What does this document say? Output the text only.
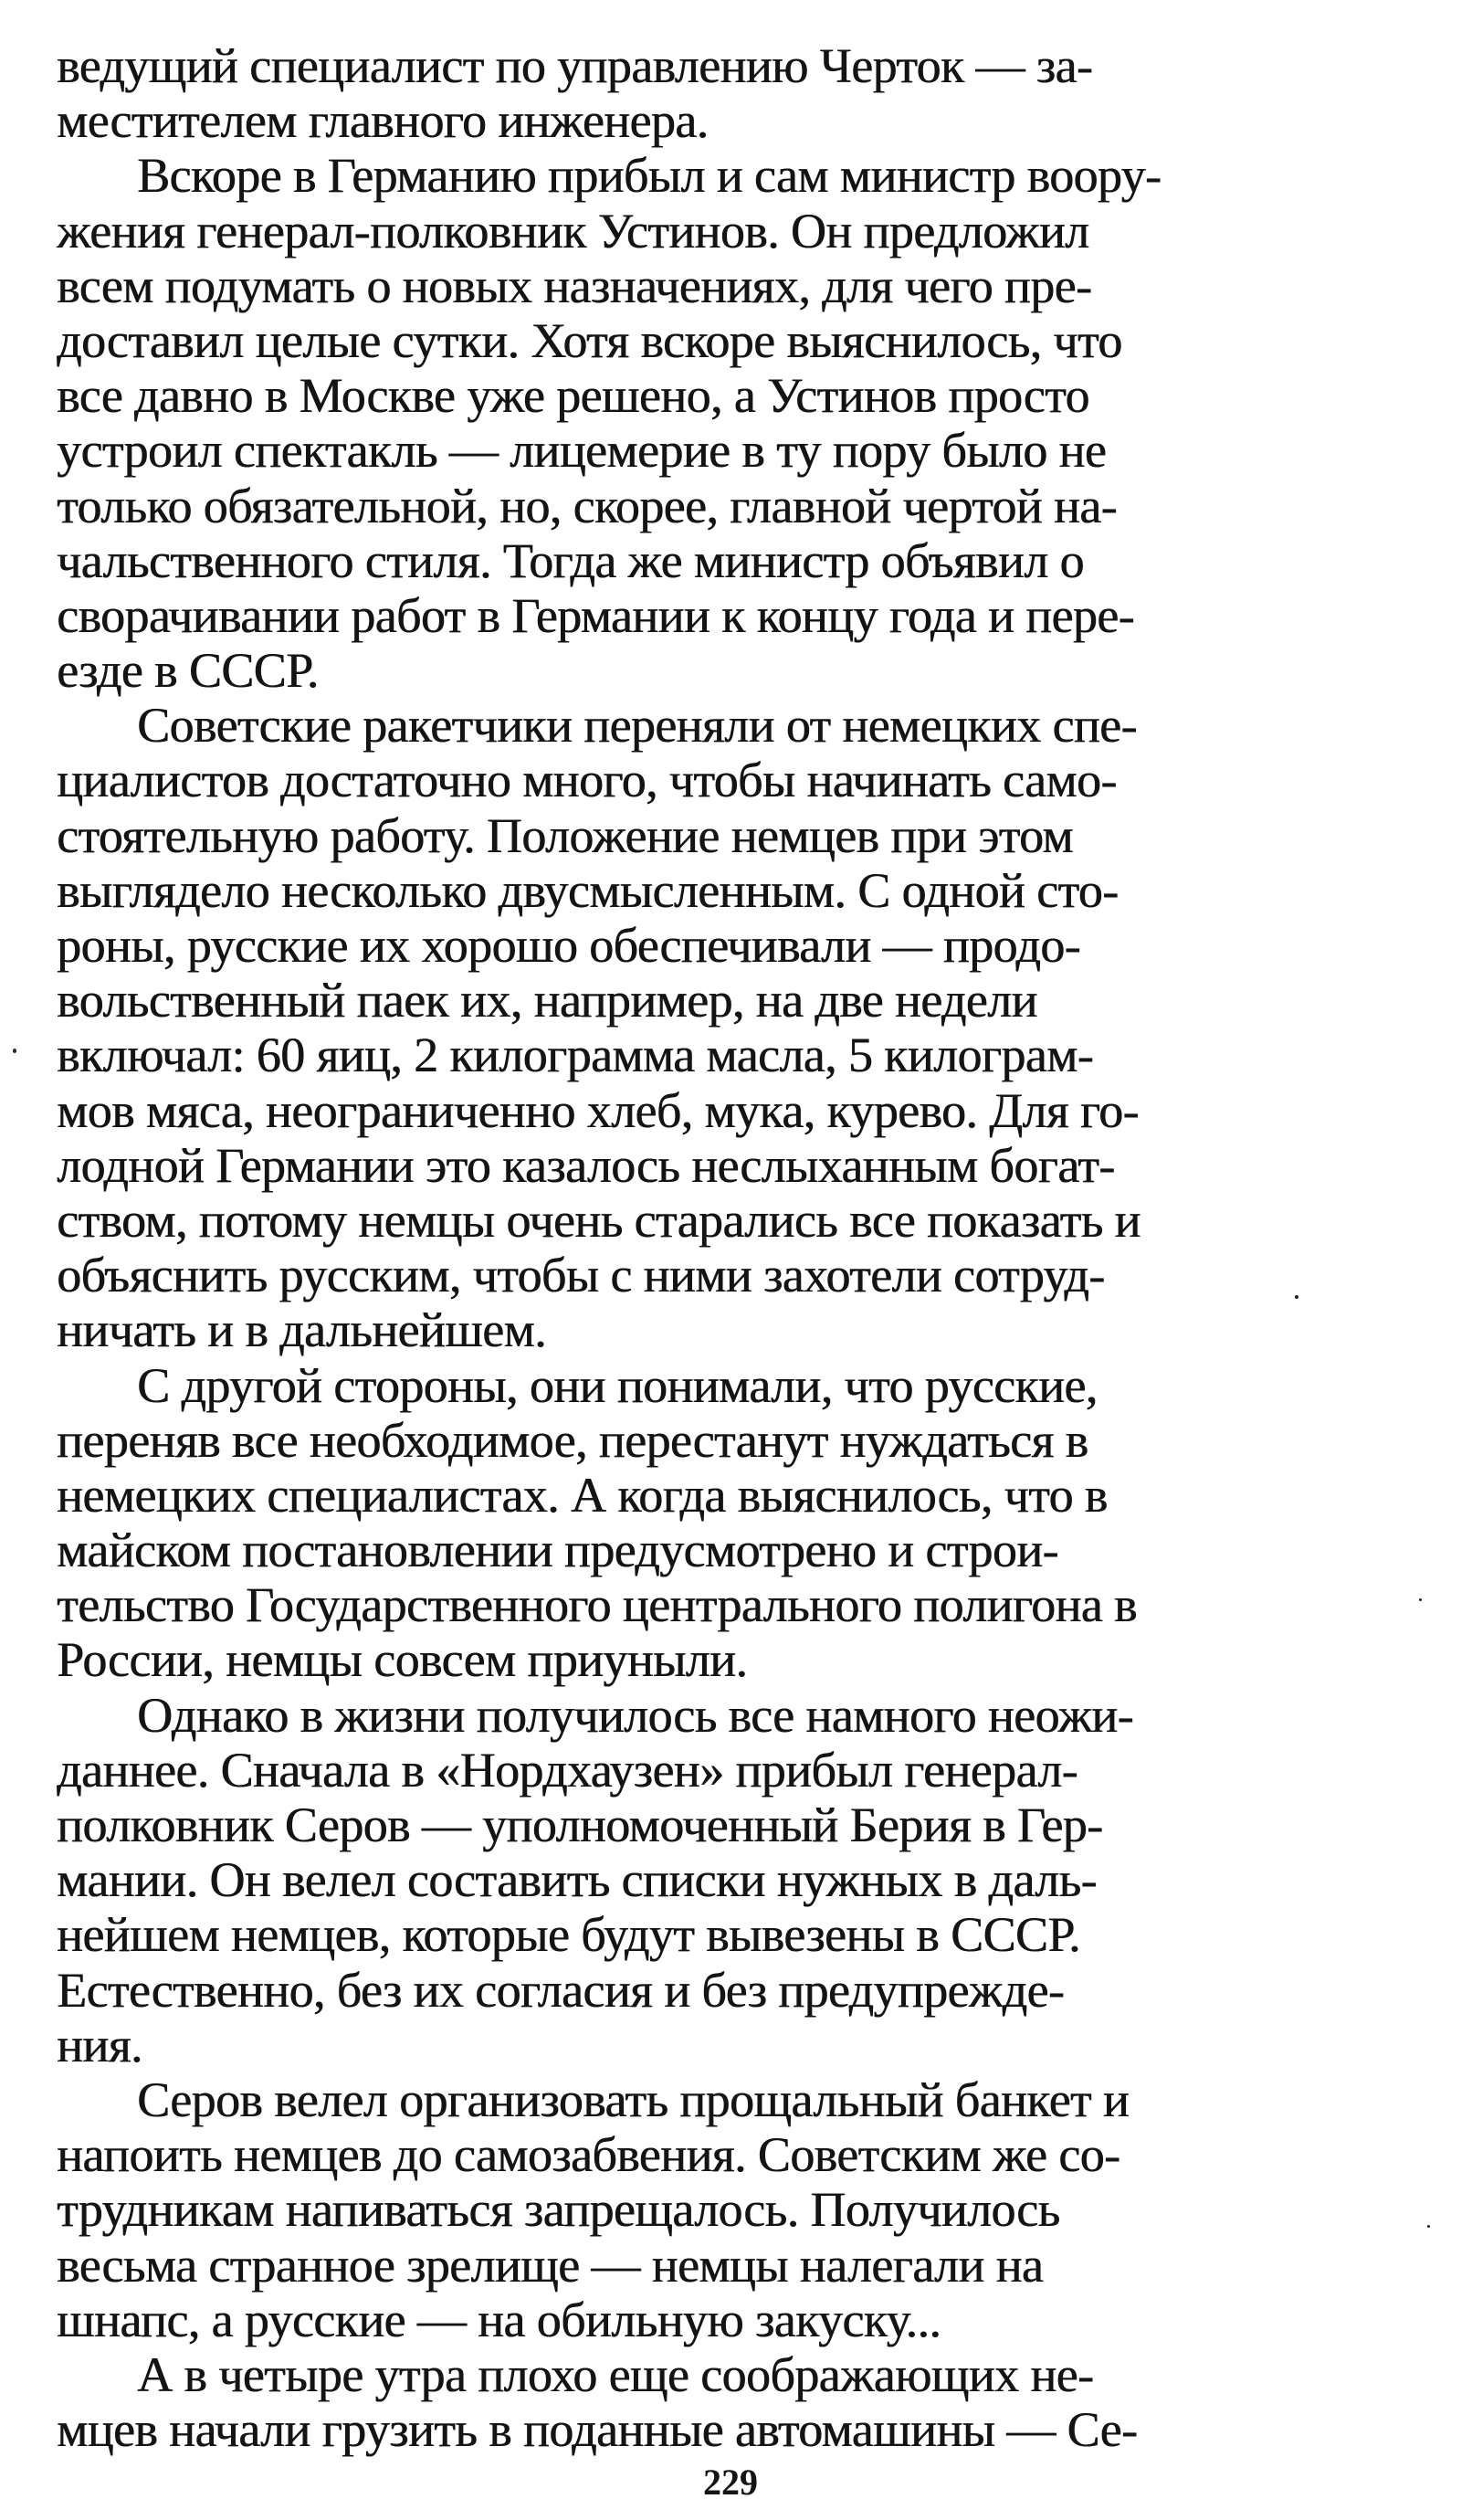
ведущий специалист по управлению Черток — за-
местителем главного инженера.
Вскоре в Германию прибыл и сам министр воору-
жения генерал-полковник Устинов. Он предложил
всем подумать о новых назначениях, для чего пре-
доставил целые сутки. Хотя вскоре выяснилось, что
все давно в Москве уже решено, а Устинов просто
устроил спектакль — лицемерие в ту пору было не
только обязательной, но, скорее, главной чертой на-
чальственного стиля. Тогда же министр объявил о
сворачивании работ в Германии к концу года и пере-
езде в СССР.
Советские ракетчики переняли от немецких спе-
циалистов достаточно много, чтобы начинать само-
стоятельную работу. Положение немцев при этом
выглядело несколько двусмысленным. С одной сто-
роны, русские их хорошо обеспечивали — продо-
вольственный паек их, например, на две недели
включал: 60 яиц, 2 килограмма масла, 5 килограм-
мов мяса, неограниченно хлеб, мука, курево. Для го-
лодной Германии это казалось неслыханным богат-
ством, потому немцы очень старались все показать и
объяснить русским, чтобы с ними захотели сотруд-
ничать и в дальнейшем.
С другой стороны, они понимали, что русские,
переняв все необходимое, перестанут нуждаться в
немецких специалистах. А когда выяснилось, что в
майском постановлении предусмотрено и строи-
тельство Государственного центрального полигона в
России, немцы совсем приуныли.
Однако в жизни получилось все намного неожи-
даннее. Сначала в «Нордхаузен» прибыл генерал-
полковник Серов — уполномоченный Берия в Гер-
мании. Он велел составить списки нужных в даль-
нейшем немцев, которые будут вывезены в СССР.
Естественно, без их согласия и без предупрежде-
ния.
Серов велел организовать прощальный банкет и
напоить немцев до самозабвения. Советским же со-
трудникам напиваться запрещалось. Получилось
весьма странное зрелище — немцы налегали на
шнапс, а русские — на обильную закуску...
А в четыре утра плохо еще соображающих не-
мцев начали грузить в поданные автомашины — Се-
229
